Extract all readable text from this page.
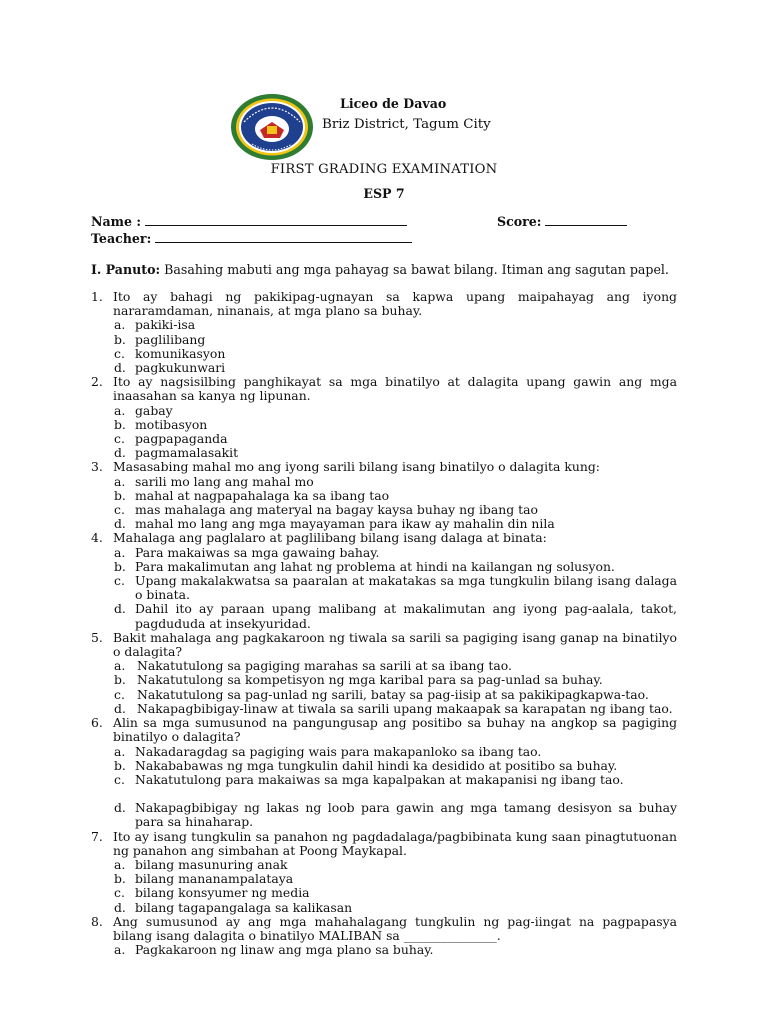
Liceo de Davao
Briz District, Tagum City
FIRST GRADING EXAMINATION
ESP 7
Name :	Score:
Teacher:
I. Panuto: Basahing mabuti ang mga pahayag sa bawat bilang. Itiman ang sagutan papel.
1. Ito ay bahagi ng pakikipag-ugnayan sa kapwa upang maipahayag ang iyong nararamdaman, ninanais, at mga plano sa buhay.
a. pakiki-isa
b. paglilibang
c. komunikasyon
d. pagkukunwari
2. Ito ay nagsisilbing panghikayat sa mga binatilyo at dalagita upang gawin ang mga inaasahan sa kanya ng lipunan.
a. gabay
b. motibasyon
c. pagpapaganda
d. pagmamalasakit
3. Masasabing mahal mo ang iyong sarili bilang isang binatilyo o dalagita kung:
a. sarili mo lang ang mahal mo
b. mahal at nagpapahalaga ka sa ibang tao
c. mas mahalaga ang materyal na bagay kaysa buhay ng ibang tao
d. mahal mo lang ang mga mayayaman para ikaw ay mahalin din nila
4. Mahalaga ang paglalaro at paglilibang bilang isang dalaga at binata:
a. Para makaiwas sa mga gawaing bahay.
b. Para makalimutan ang lahat ng problema at hindi na kailangan ng solusyon.
c. Upang makalakwatsa sa paaralan at makatakas sa mga tungkulin bilang isang dalaga o binata.
d. Dahil ito ay paraan upang malibang at makalimutan ang iyong pag-aalala, takot, pagdududa at insekyuridad.
5. Bakit mahalaga ang pagkakaroon ng tiwala sa sarili sa pagiging isang ganap na binatilyo o dalagita?
a. Nakatutulong sa pagiging marahas sa sarili at sa ibang tao.
b. Nakatutulong sa kompetisyon ng mga karibal para sa pag-unlad sa buhay.
c. Nakatutulong sa pag-unlad ng sarili, batay sa pag-iisip at sa pakikipagkapwa-tao.
d. Nakapagbibigay-linaw at tiwala sa sarili upang makaapak sa karapatan ng ibang tao.
6. Alin sa mga sumusunod na pangungusap ang positibo sa buhay na angkop sa pagiging binatilyo o dalagita?
a. Nakadaragdag sa pagiging wais para makapanloko sa ibang tao.
b. Nakababawas ng mga tungkulin dahil hindi ka desidido at positibo sa buhay.
c. Nakatutulong para makaiwas sa mga kapalpakan at makapanisi ng ibang tao.
d. Nakapagbibigay ng lakas ng loob para gawin ang mga tamang desisyon sa buhay para sa hinaharap.
7. Ito ay isang tungkulin sa panahon ng pagdadalaga/pagbibinata kung saan pinagtutuonan ng panahon ang simbahan at Poong Maykapal.
a. bilang masunuring anak
b. bilang mananampalataya
c. bilang konsyumer ng media
d. bilang tagapangalaga sa kalikasan
8. Ang sumusunod ay ang mga mahahalagang tungkulin ng pag-iingat na pagpapasya bilang isang dalagita o binatilyo MALIBAN sa _______________.
a. Pagkakaroon ng linaw ang mga plano sa buhay.
